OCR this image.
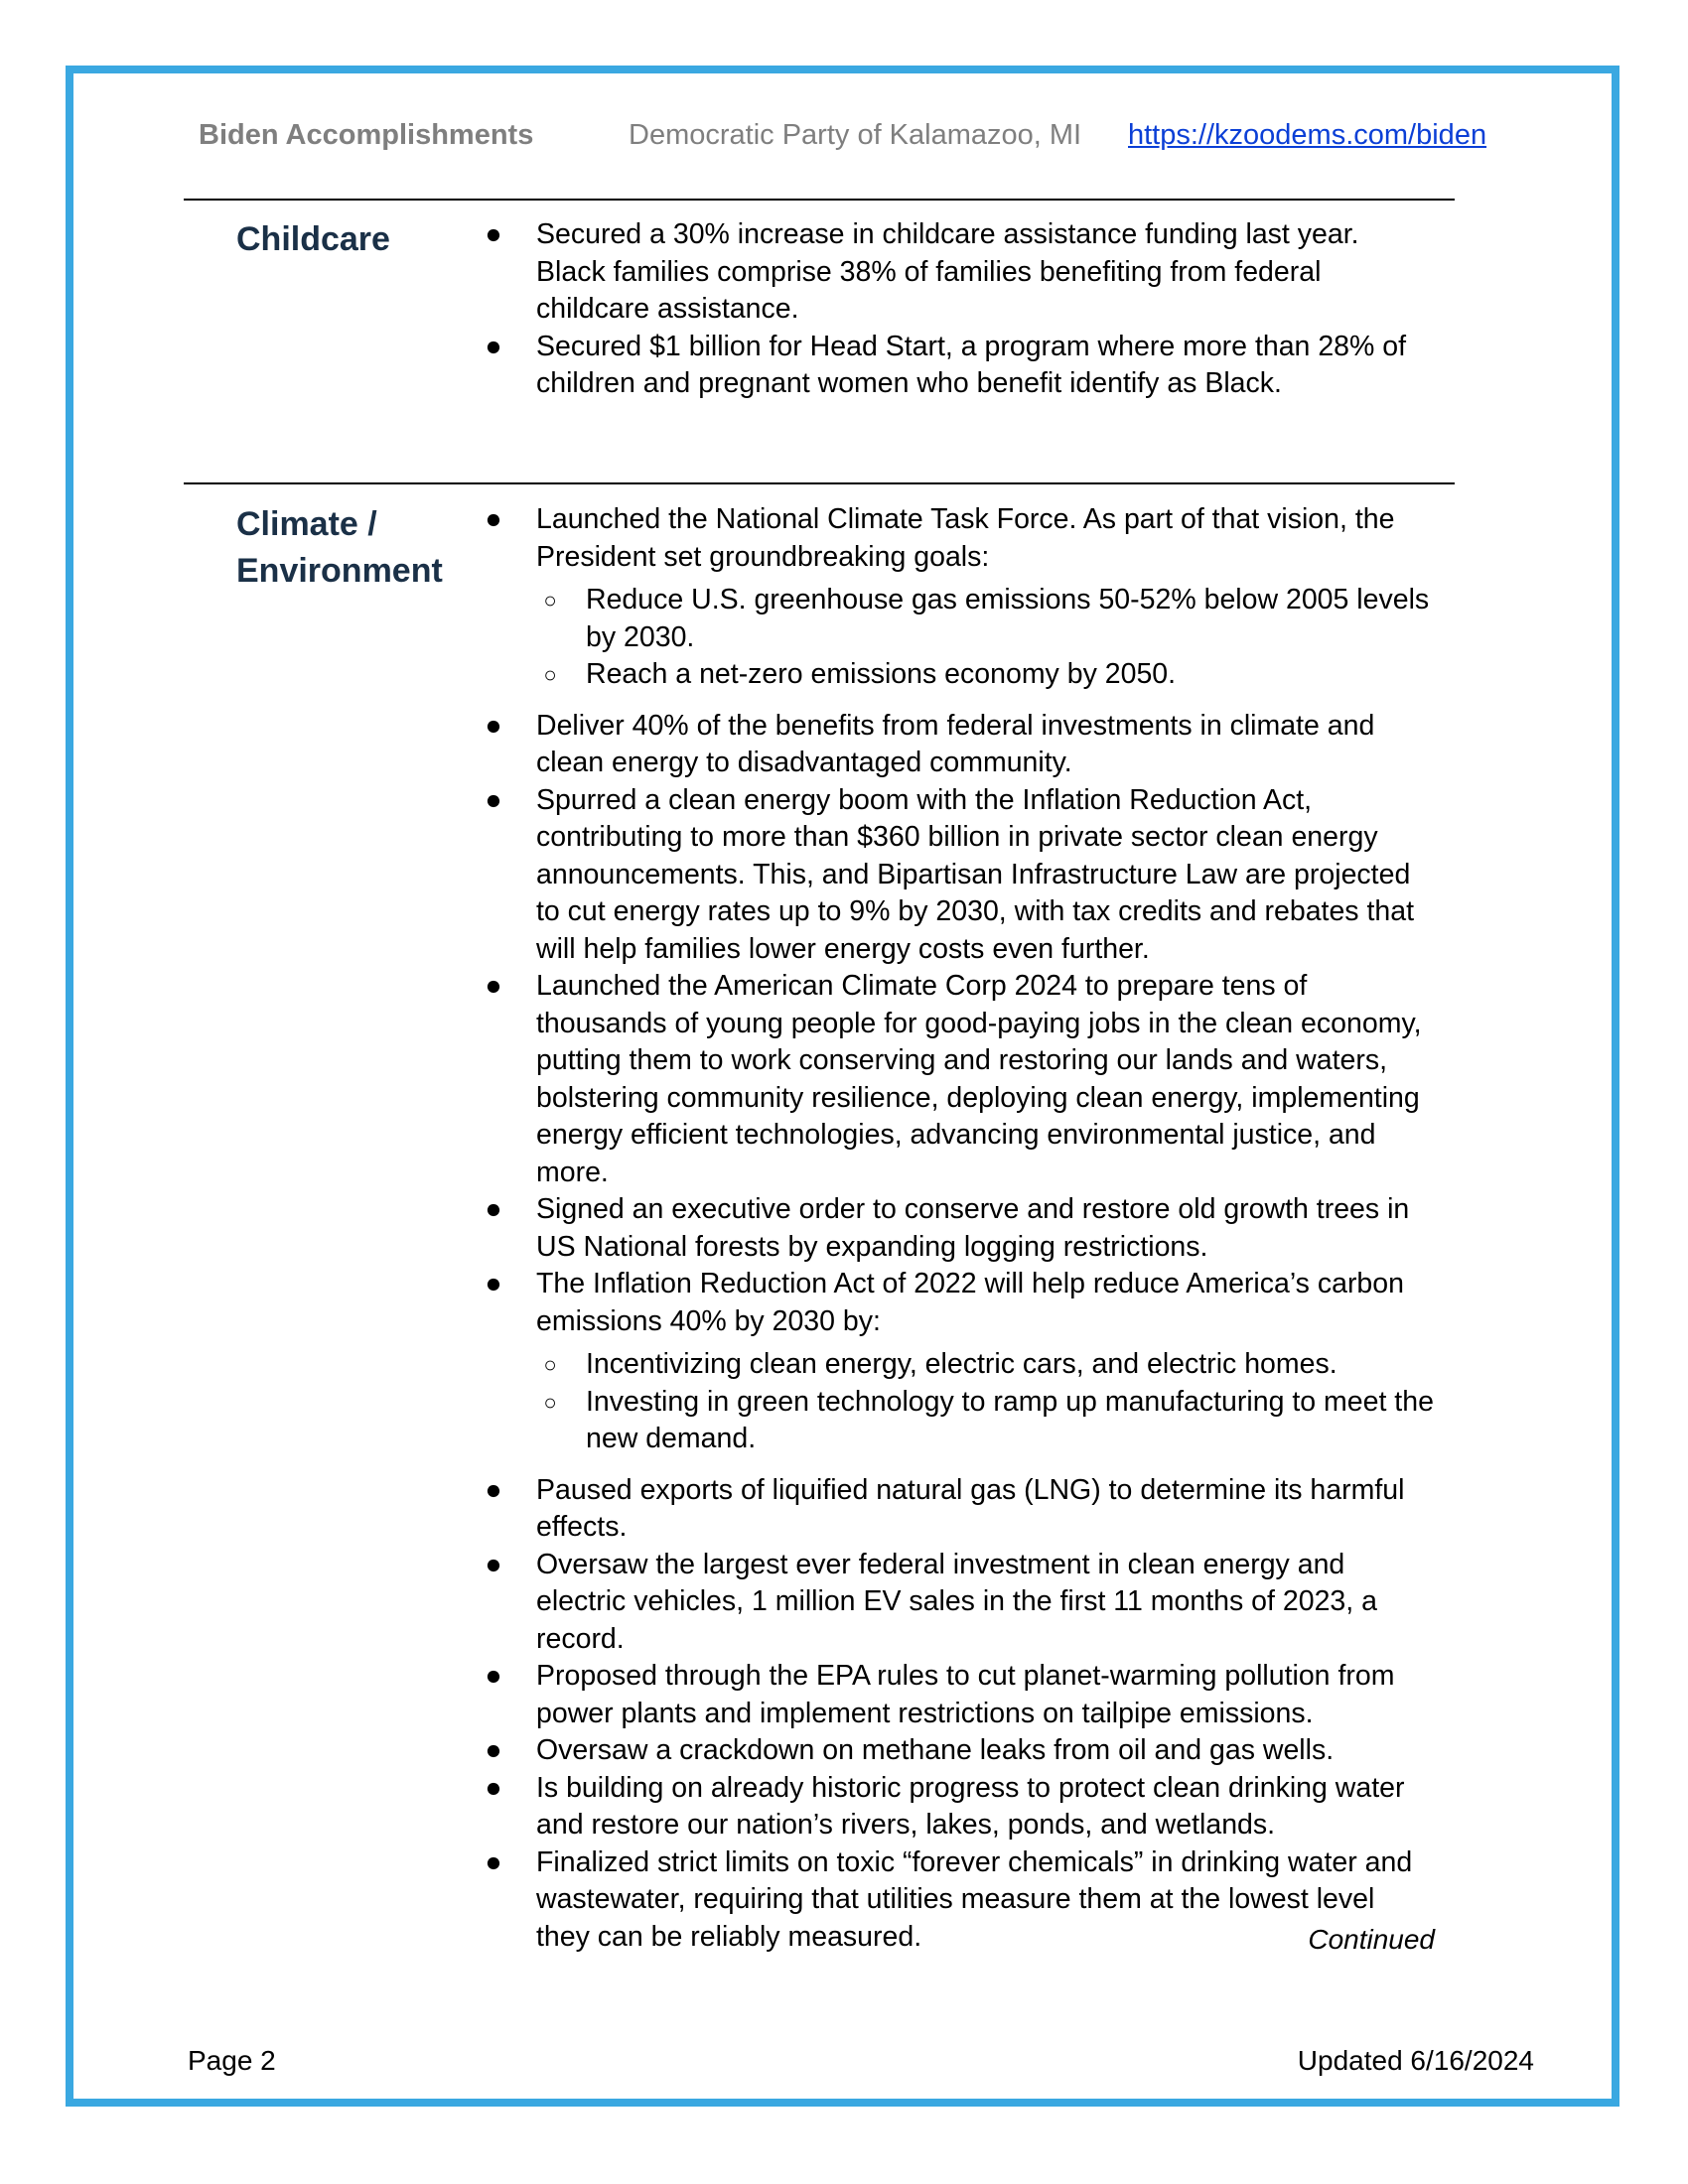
Biden Accomplishments	Democratic Party of Kalamazoo, MI https://kzoodems.com/biden
Childcare	● Secured a 30% increase in childcare assistance funding last year. Black families comprise 38% of families benefiting from federal childcare assistance.
● Secured $1 billion for Head Start, a program where more than 28% of children and pregnant women who benefit identify as Black.
Climate / Environment
● Launched the National Climate Task Force. As part of that vision, the President set groundbreaking goals:
○ Reduce U.S. greenhouse gas emissions 50-52% below 2005 levels by 2030.
○ Reach a net-zero emissions economy by 2050.
● Deliver 40% of the benefits from federal investments in climate and clean energy to disadvantaged community.
● Spurred a clean energy boom with the Inflation Reduction Act, contributing to more than $360 billion in private sector clean energy announcements. This, and Bipartisan Infrastructure Law are projected to cut energy rates up to 9% by 2030, with tax credits and rebates that will help families lower energy costs even further.
● Launched the American Climate Corp 2024 to prepare tens of thousands of young people for good-paying jobs in the clean economy, putting them to work conserving and restoring our lands and waters, bolstering community resilience, deploying clean energy, implementing energy efficient technologies, advancing environmental justice, and more.
● Signed an executive order to conserve and restore old growth trees in US National forests by expanding logging restrictions.
● The Inflation Reduction Act of 2022 will help reduce America’s carbon emissions 40% by 2030 by:
○ Incentivizing clean energy, electric cars, and electric homes.
○ Investing in green technology to ramp up manufacturing to meet the new demand.
● Paused exports of liquified natural gas (LNG) to determine its harmful effects.
● Oversaw the largest ever federal investment in clean energy and electric vehicles, 1 million EV sales in the first 11 months of 2023, a record.
● Proposed through the EPA rules to cut planet-warming pollution from power plants and implement restrictions on tailpipe emissions.
● Oversaw a crackdown on methane leaks from oil and gas wells.
● Is building on already historic progress to protect clean drinking water and restore our nation’s rivers, lakes, ponds, and wetlands.
● Finalized strict limits on toxic “forever chemicals” in drinking water and wastewater, requiring that utilities measure them at the lowest level they can be reliably measured.	Continued
Page 2	Updated 6/16/2024
